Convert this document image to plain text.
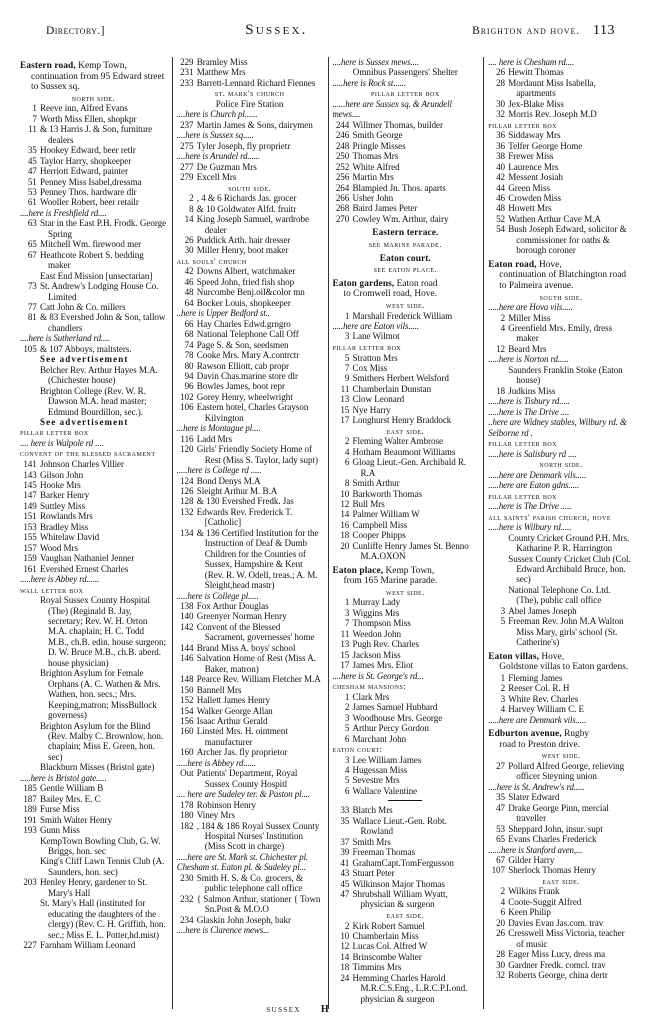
Directory.]	sussex.	brighton and hove. 113
Eastern road, Kemp Town,
continuation from 95 Edward street to Sussex sq.
north side.
1 Reeve inn, Alfred Evans
7 Worth Miss Ellen, shopkpr
11 & 13 Harris J. & Son, furniture dealers
35 Hookey Edward, beer retlr
45 Taylor Harry, shopkeeper
47 Herriott Edward, painter
51 Penney Miss Isabel,dressma
53 Penney Thos. hardware dlr
61 Wooller Robert, beer retailr
....here is Freshfield rd....
63 Star in the East P.H. Frodk. George Spring
65 Mitchell Wm. firewood mer
67 Heathcote Robert S. bedding maker
East End Mission [unsectarian]
73 St. Andrew's Lodging House Co. Limited
77 Catt John & Co. millers
81 & 83 Evershed John & Son, tallow chandlers
....here is Sutherland rd....
105 & 107 Abboys, maltsters.
See advertisement
Belcher Rev. Arthur Hayes M.A. (Chichester house)
Brighton College (Rev. W. R. Dawson M.A. head master; Edmund Bourdillon, sec.).
See advertisement
pillar letter box
.... here is Walpole rd ....
convent of the blessed sacrament
141 Johnson Charles Villier
143 Gilson John
145 Hooke Mrs
147 Barker Henry
149 Suttley Miss
151 Rowlands Mrs
153 Bradley Miss
155 Whitelaw David
157 Wood Mrs
159 Vaughan Nathaniel Jenner
161 Evershed Ernest Charles
.....here is Abbey rd......
wall letter box
Royal Sussex County Hospital (The) (Reginald B. Jay, secretary; Rev. W. H. Orton M.A. chaplain; H. C. Todd M.B., ch.B. edin. house surgeon; D. W. Bruce M.B., ch.B. aberd. house physician)
Brighton Asylum for Female Orphans (A. C. Wathen & Mrs. Wathen, hon. secs.; Mrs. Keeping,matron; MissBullock governess)
Brighton Asylum for the Blind (Rev. Malby C. Brownlow, hon. chaplain; Miss E. Green, hon. sec)
Blackburn Misses (Bristol gate)
.....here is Bristol gate.....
185 Gentle William B
187 Bailey Mrs. E. C
189 Furse Miss
191 Smith Walter Henry
193 Gunn Miss
KempTown Bowling Club, G. W. Briggs, hon. sec
King's Cliff Lawn Tennis Club (A. Saunders, hon. sec)
203 Henley Henry, gardener to St. Mary's Hall
St. Mary's Hall (instituted for educating the daughters of the clergy) (Rev. C. H. Griffith, hon. sec.; Miss E. L. Potter,hd.mist)
227 Farnham William Leonard
229 Bramley Miss
231 Matthew Mrs
233 Barrett-Lennard Richard Fiennes
st. mark's church
Police Fire Station
....here is Church pl......
237 Martin James & Sons, dairymen
....here is Sussex sq.....
275 Tyler Joseph, fly proprietr
....here is Arundel rd......
277 De Guzman Mrs
279 Excell Mrs
south side.
2 , 4 & 6 Richards Jas. grocer
8 & 10 Goldwater Alfd. fruitr
14 King Joseph Samuel, wardrobe dealer
26 Puddick Arth. hair dresser
30 Miller Henry, boot maker
all souls' church
42 Downs Albert, watchmaker
46 Speed John, fried fish shop
48 Nurcombe Benj.oil&color mn
64 Bocker Louis, shopkeeper
..here is Upper Bedford st..
66 Hay Charles Edwd.grngro
68 National Telephone Call Off
74 Page S. & Son, seedsmen
78 Cooke Mrs. Mary A.contrctr
80 Rawson Elliott, cab propr
94 Davin Chas.marine store dlr
96 Bowles James, boot repr
102 Gorey Henry, wheelwright
106 Eastern hotel, Charles Grayson Kilvington
...here is Montague pl....
116 Ladd Mrs
120 Girls' Friendly Society Home of Rest (Miss S. Taylor, lady supt)
.....here is College rd .....
124 Bond Denys M.A
126 Sleight Arthur M. B.A
128 & 130 Evershed Fredk. Jas
132 Edwards Rev. Frederick T. [Catholic]
134 & 136 Certified Institution for the Instruction of Deaf & Dumb Children for the Counties of Sussex, Hampshire & Kent (Rev. R. W. Odell, treas.; A. M. Sleight,head mastr)
.....here is College pl.....
138 Fox Arthur Douglas
140 Greenyer Norman Henry
142 Convent of the Blessed Sacrament, governesses' home
144 Brand Miss A. boys' school
146 Salvation Home of Rest (Miss A. Baker, matron)
148 Pearce Rev. William Fletcher M.A
150 Bannell Mrs
152 Hallett James Henry
154 Walker George Allan
156 Isaac Arthur Gerald
160 Linsted Mrs. H. ointment manufacturer
160 Archer Jas. fly proprietor
.....here is Abbey rd......
Out Patients' Department, Royal Sussex County Hospitl
.... here are Sudeley ter. & Paston pl....
178 Robinson Henry
180 Viney Mrs
182 , 184 & 186 Royal Sussex County Hospital Nurses' Institution (Miss Scott in charge)
.....here are St. Mark st. Chichester pl. Chesham st. Eaton pl. & Sudeley pl...
230 Smith H. S. & Co. grocers, & public telephone call office
232 { Salmon Arthur, stationer { Town Sn.Post & M.O.O
234 Glaskin John Joseph, bakr
....here is Clarence mews...
....here is Sussex mews....
Omnibus Passengers' Shelter
.....here is Rock st......
pillar letter box
......here are Sussex sq. & Arundell mews....
244 Willmer Thomas, builder
246 Smith George
248 Pringle Misses
250 Thomas Mrs
252 White Alfred
256 Martin Mrs
264 Blampied Jn. Thos. aparts
266 Usher John
268 Baird James Peter
270 Cowley Wm. Arthur, dairy
Eastern terrace.
see marine parade.
Eaton court.
see eaton place.
Eaton gardens, Eaton road
to Cromwell road, Hove.
west side.
1 Marshall Frederick William
.....here are Eaton vils.....
3 Lane Wilmot
pillar letter box
5 Stratton Mrs
7 Cox Miss
9 Smithers Herbert Welsford
11 Chamberlain Dunstan
13 Clow Leonard
15 Nye Harry
17 Longhurst Henry Braddock
east side.
2 Fleming Walter Ambrose
4 Hotham Beaumont Williams
6 Gloag Lieut.-Gen. Archibald R. R.A
8 Smith Arthur
10 Barkworth Thomas
12 Bull Mrs
14 Palmer William W
16 Campbell Miss
18 Cooper Phipps
20 Cunliffe Henry James St. Benno M.A.OXON
Eaton place, Kemp Town,
from 165 Marine parade.
west side.
1 Murray Lady
3 Wiggins Mrs
7 Thompson Miss
11 Weedon John
13 Pugh Rev. Charles
15 Jackson Miss
17 James Mrs. Eliot
....here is St. George's rd...
chesham mansions:
1 Clark Mrs
2 James Samuel Hubbard
3 Woodhouse Mrs. George
5 Arthur Percy Gordon
6 Marchant John
eaton court:
3 Lee William James
4 Hugessan Miss
5 Sevestre Mrs
6 Wallace Valentine
33 Blatch Mrs
35 Wallace Lieut.-Gen. Robt. Rowland
37 Smith Mrs
39 Freeman Thomas
41 GrahamCapt.TomFergusson
43 Stuart Peter
45 Wilkinson Major Thomas
47 Shrubshall William Wyatt, physician & surgeon
east side.
2 Kirk Robert Samuel
10 Chamberlain Miss
12 Lucas Col. Alfred W
14 Brinscombe Walter
18 Timmins Mrs
24 Hemming Charles Harold M.R.C.S.Eng., L.R.C.P.Lond. physician & surgeon
.... here is Chesham rd....
26 Hewitt Thomas
28 Mordaunt Miss Isabella, apartments
30 Jex-Blake Miss
32 Morris Rev. Joseph M.D
pillar letter box
36 Siddaway Mrs
36 Telfer George Home
38 Frewer Miss
40 Laurence Mrs
42 Messent Josiah
44 Green Miss
46 Crowden Miss
48 Howett Mrs
52 Wathen Arthur Cave M.A
54 Bush Joseph Edward, solicitor & commissioner for oaths & borough coroner
Eaton road, Hove,
continuation of Blatchington road to Palmeira avenue.
south side.
.....here are Hova vils.....
2 Miller Miss
4 Greenfield Mrs. Emily, dress maker
12 Beard Mrs
.....here is Norton rd.....
Saunders Franklin Stoke (Eaton house)
18 Judkins Miss
.....here is Tisbury rd.....
.....here is The Drive ....
..here are Widney stables, Wilbury rd. & Selborne rd .
pillar letter box
.....here is Salisbury rd ....
north side.
.....here are Denmark vils.....
.....here are Eaton gdns.....
pillar letter box
.....here is The Drive .....
all saints' parish church, hove
.....here is Wilbury rd.....
County Cricket Ground P.H. Mrs. Katharine P. R. Harrington
Sussex County Cricket Club (Col. Edward Archibald Bruce, hon. sec)
National Telephone Co. Ltd. (The), public call office
3 Abel James Joseph
5 Freeman Rev. John M.A Walton Miss Mary, girls' school (St. Catherine's)
Eaton villas, Hove,
Goldstone villas to Eaton gardens.
1 Fleming James
2 Reeser Col. R. H
3 White Rev. Charles
4 Harvey William C. E
.....here are Denmark vils.....
Edburton avenue, Rugby
road to Preston drive.
west side.
27 Pollard Alfred George, relieving officer Steyning union
....here is St. Andrew's rd.....
35 Slater Edward
47 Drake George Pinn, mercial traveller
53 Sheppard John, insur. supt
65 Evans Charles Frederick
......here is Stanford aven,...
67 Gilder Harry
107 Sherlock Thomas Henry
east side.
2 Wilkins Frank
4 Coote-Suggit Alfred
6 Keen Philip
20 Davies Evan Jas.com. trav
26 Cresswell Miss Victoria, teacher of music
28 Eager Miss Lucy, dress ma
30 Gardner Fredk. comcl. trav
32 Roberts George, china dertr
sussex H
